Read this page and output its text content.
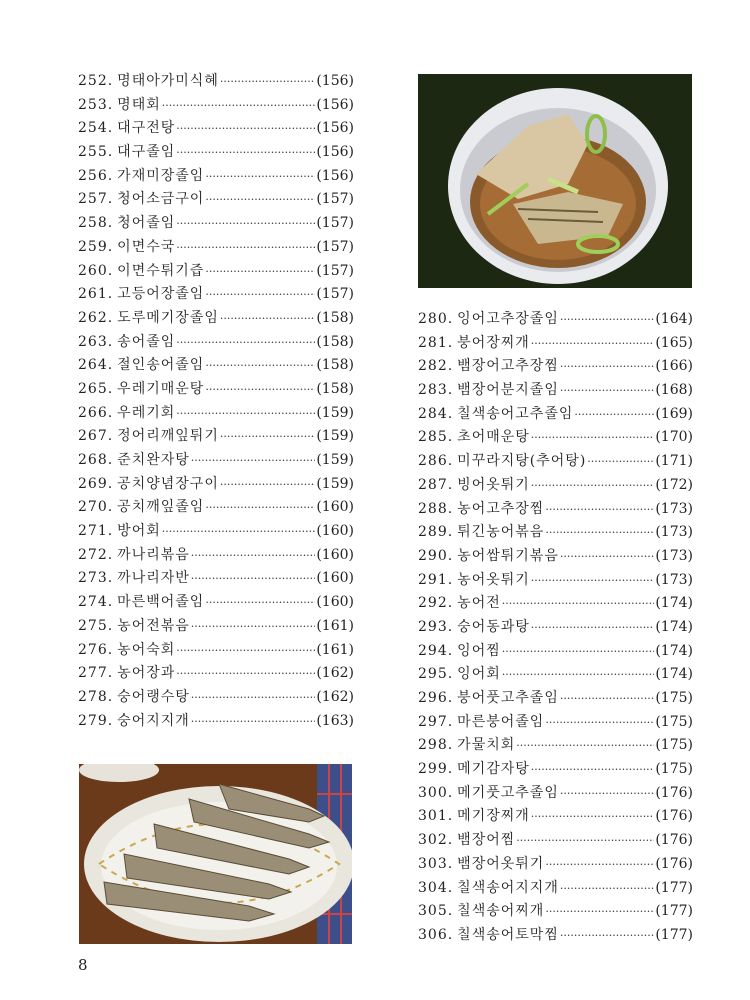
252. 명태아가미식혜 ·····	(156)
253. 명태회 ·····	(156)
254. 대구전탕 ·····	(156)
255. 대구졸임 ·····	(156)
256. 가재미장졸임 ·····	(156)
257. 청어소금구이 ·····	(157)
258. 청어졸임 ·····	(157)
259. 이면수국 ·····	(157)
260. 이면수튀기즙 ·····	(157)
261. 고등어장졸임 ·····	(157)
262. 도루메기장졸임 ·····	(158)
263. 송어졸임 ·····	(158)
264. 절인송어졸임 ·····	(158)
265. 우레기매운탕 ·····	(158)
266. 우레기회 ·····	(159)
267. 정어리깨잎튀기 ·····	(159)
268. 준치완자탕 ·····	(159)
269. 공치양념장구이 ·····	(159)
270. 공치깨잎졸임 ·····	(160)
271. 방어회 ·····	(160)
272. 까나리볶음 ·····	(160)
273. 까나리자반 ·····	(160)
274. 마른백어졸임 ·····	(160)
275. 농어전볶음 ·····	(161)
276. 농어숙회 ·····	(161)
277. 농어장과 ·····	(162)
278. 숭어랭수탕 ·····	(162)
279. 숭어지지개 ·····	(163)
280. 잉어고추장졸임 ·····	(164)
281. 붕어장찌개 ·····	(165)
282. 뱀장어고추장찜 ·····	(166)
283. 뱀장어분지졸임 ·····	(168)
284. 칠색송어고추졸임 ·····	(169)
285. 초어매운탕 ·····	(170)
286. 미꾸라지탕(추어탕) ·····	(171)
287. 빙어옷튀기 ·····	(172)
288. 농어고추장찜 ·····	(173)
289. 튀긴농어볶음 ·····	(173)
290. 농어쌈튀기볶음 ·····	(173)
291. 농어옷튀기 ·····	(173)
292. 농어전 ·····	(174)
293. 숭어동과탕 ·····	(174)
294. 잉어찜 ·····	(174)
295. 잉어회 ·····	(174)
296. 붕어풋고추졸임 ·····	(175)
297. 마른붕어졸임 ·····	(175)
298. 가물치회 ·····	(175)
299. 메기감자탕 ·····	(175)
300. 메기풋고추졸임 ·····	(176)
301. 메기장찌개 ·····	(176)
302. 뱀장어찜 ·····	(176)
303. 뱀장어옷튀기 ·····	(176)
304. 칠색송어지지개 ·····	(177)
305. 칠색송어찌개 ·····	(177)
306. 칠색송어토막찜 ·····	(177)
8
